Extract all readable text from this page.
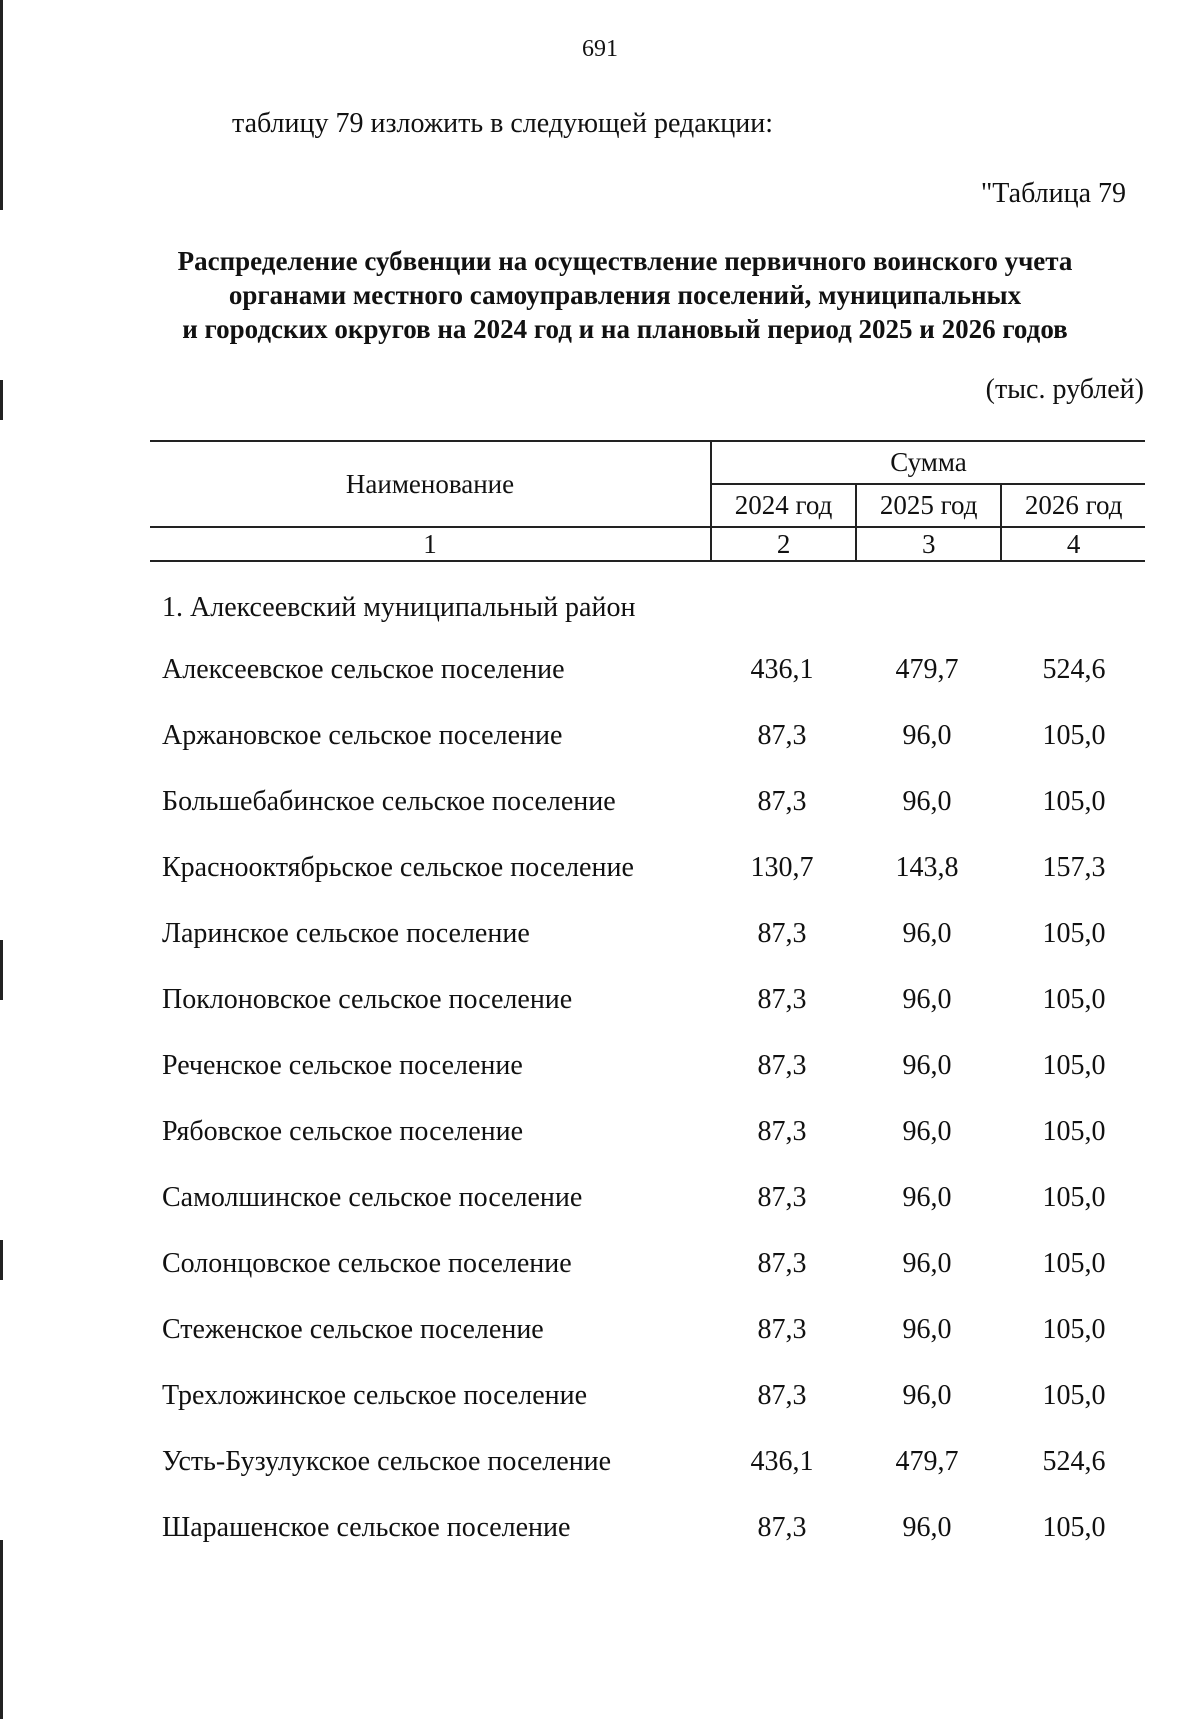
691
таблицу 79 изложить в следующей редакции:
"Таблица 79
Распределение субвенции на осуществление первичного воинского учета
органами местного самоуправления поселений, муниципальных
и городских округов на 2024 год и на плановый период 2025 и 2026 годов
(тыс. рублей)
Наименование	Сумма		
	2024 год	2025 год	2026 год
1	2	3	4
1. Алексеевский муниципальный район
Алексеевское сельское поселение	436,1	479,7	524,6
Аржановское сельское поселение	87,3	96,0	105,0
Большебабинское сельское поселение	87,3	96,0	105,0
Краснооктябрьское сельское поселение	130,7	143,8	157,3
Ларинское сельское поселение	87,3	96,0	105,0
Поклоновское сельское поселение	87,3	96,0	105,0
Реченское сельское поселение	87,3	96,0	105,0
Рябовское сельское поселение	87,3	96,0	105,0
Самолшинское сельское поселение	87,3	96,0	105,0
Солонцовское сельское поселение	87,3	96,0	105,0
Стеженское сельское поселение	87,3	96,0	105,0
Трехложинское сельское поселение	87,3	96,0	105,0
Усть-Бузулукское сельское поселение	436,1	479,7	524,6
Шарашенское сельское поселение	87,3	96,0	105,0
